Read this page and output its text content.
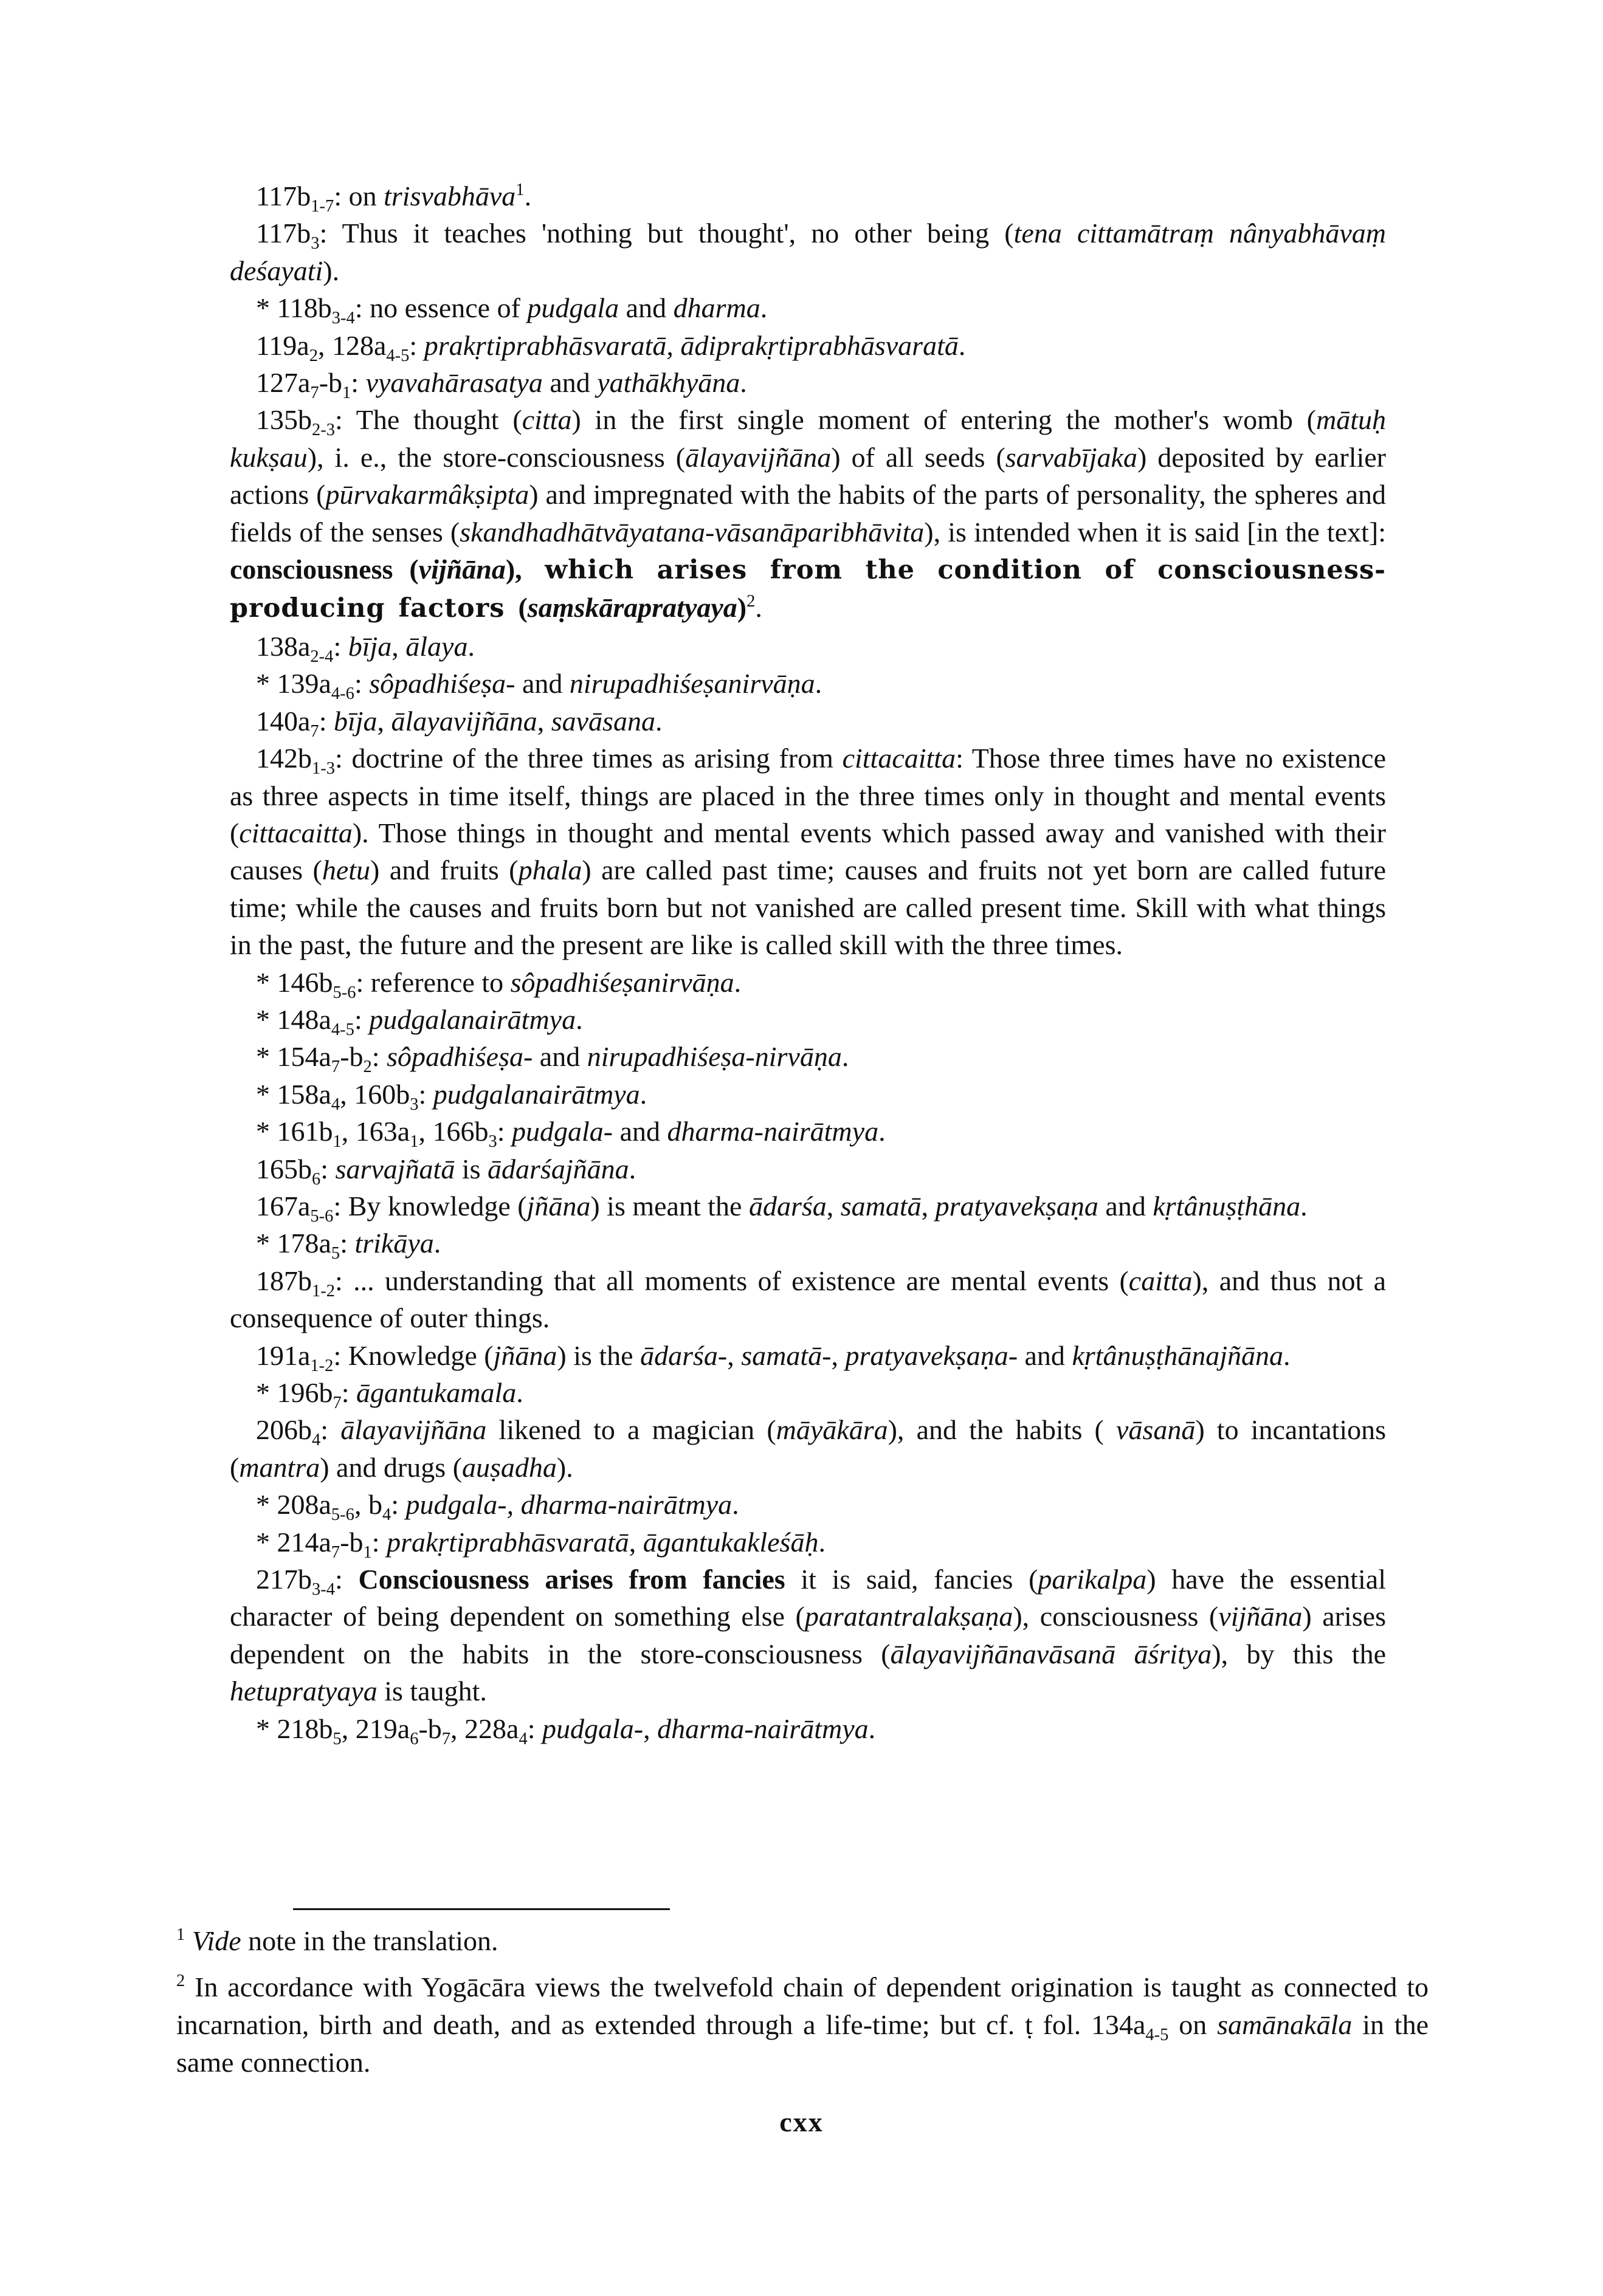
$117b_{1-7}$: on trisvabhāva$^1$.

$117b_3$: Thus it teaches 'nothing but thought', no other being (tena cittamātraṃ nânyabhāvaṃ deśayati).

* $118b_{3-4}$: no essence of pudgala and dharma.

$119a_2$, $128a_{4-5}$: prakṛtiprabhāsvaratā, ādiprakṛtiprabhāsvaratā.

$127a_7-b_1$: vyavahārasatya and yathākhyāna.

$135b_{2-3}$: The thought (citta) in the first single moment of entering the mother's womb (mātuḥ kukṣau), i. e., the store-consciousness (ālayavijñāna) of all seeds (sarvabījaka) deposited by earlier actions (pūrvakarmâkṣipta) and impregnated with the habits of the parts of personality, the spheres and fields of the senses (skandhadhātvāyatana-vāsanāparibhāvita), is intended when it is said [in the text]: consciousness (vijñāna), which arises from the condition of consciousness-producing factors (saṃskārapratyaya)$^2$.

$138a_{2-4}$: bīja, ālaya.

* $139a_{4-6}$: sôpadhiśeṣa- and nirupadhiśeṣanirvāṇa.

$140a_7$: bīja, ālayavijñāna, savāsana.

$142b_{1-3}$: doctrine of the three times as arising from cittacaitta: Those three times have no existence as three aspects in time itself, things are placed in the three times only in thought and mental events (cittacaitta). Those things in thought and mental events which passed away and vanished with their causes (hetu) and fruits (phala) are called past time; causes and fruits not yet born are called future time; while the causes and fruits born but not vanished are called present time. Skill with what things in the past, the future and the present are like is called skill with the three times.

* $146b_{5-6}$: reference to sôpadhiśeṣanirvāṇa.

* $148a_{4-5}$: pudgalanairātmya.

* $154a_7-b_2$: sôpadhiśeṣa- and nirupadhiśeṣa-nirvāṇa.

* $158a_4$, $160b_3$: pudgalanairātmya.

* $161b_1$, $163a_1$, $166b_3$: pudgala- and dharma-nairātmya.

$165b_6$: sarvajñatā is ādarśajñāna.

$167a_{5-6}$: By knowledge (jñāna) is meant the ādarśa, samatā, pratyavekṣaṇa and kṛtânuṣṭhāna.

* $178a_5$: trikāya.

$187b_{1-2}$: ... understanding that all moments of existence are mental events (caitta), and thus not a consequence of outer things.

$191a_{1-2}$: Knowledge (jñāna) is the ādarśa-, samatā-, pratyavekṣaṇa- and kṛtânuṣṭhānajñāna.

* $196b_7$: āgantukamala.

$206b_4$: ālayavijñāna likened to a magician (māyākāra), and the habits ( vāsanā) to incantations (mantra) and drugs (auṣadha).

* $208a_{5-6}$, $b_4$: pudgala-, dharma-nairātmya.

* $214a_7-b_1$: prakṛtiprabhāsvaratā, āgantukakleśāḥ.

$217b_{3-4}$: Consciousness arises from fancies it is said, fancies (parikalpa) have the essential character of being dependent on something else (paratantralakṣaṇa), consciousness (vijñāna) arises dependent on the habits in the store-consciousness (ālayavijñānavāsanā āśritya), by this the hetupratyaya is taught.

* $218b_5$, $219a_6-b_7$, $228a_4$: pudgala-, dharma-nairātmya.

$^1$ Vide note in the translation.

$^2$ In accordance with Yogācāra views the twelvefold chain of dependent origination is taught as connected to incarnation, birth and death, and as extended through a life-time; but cf. ṭ fol. $134a_{4-5}$ on samānakāla in the same connection.

cxx
